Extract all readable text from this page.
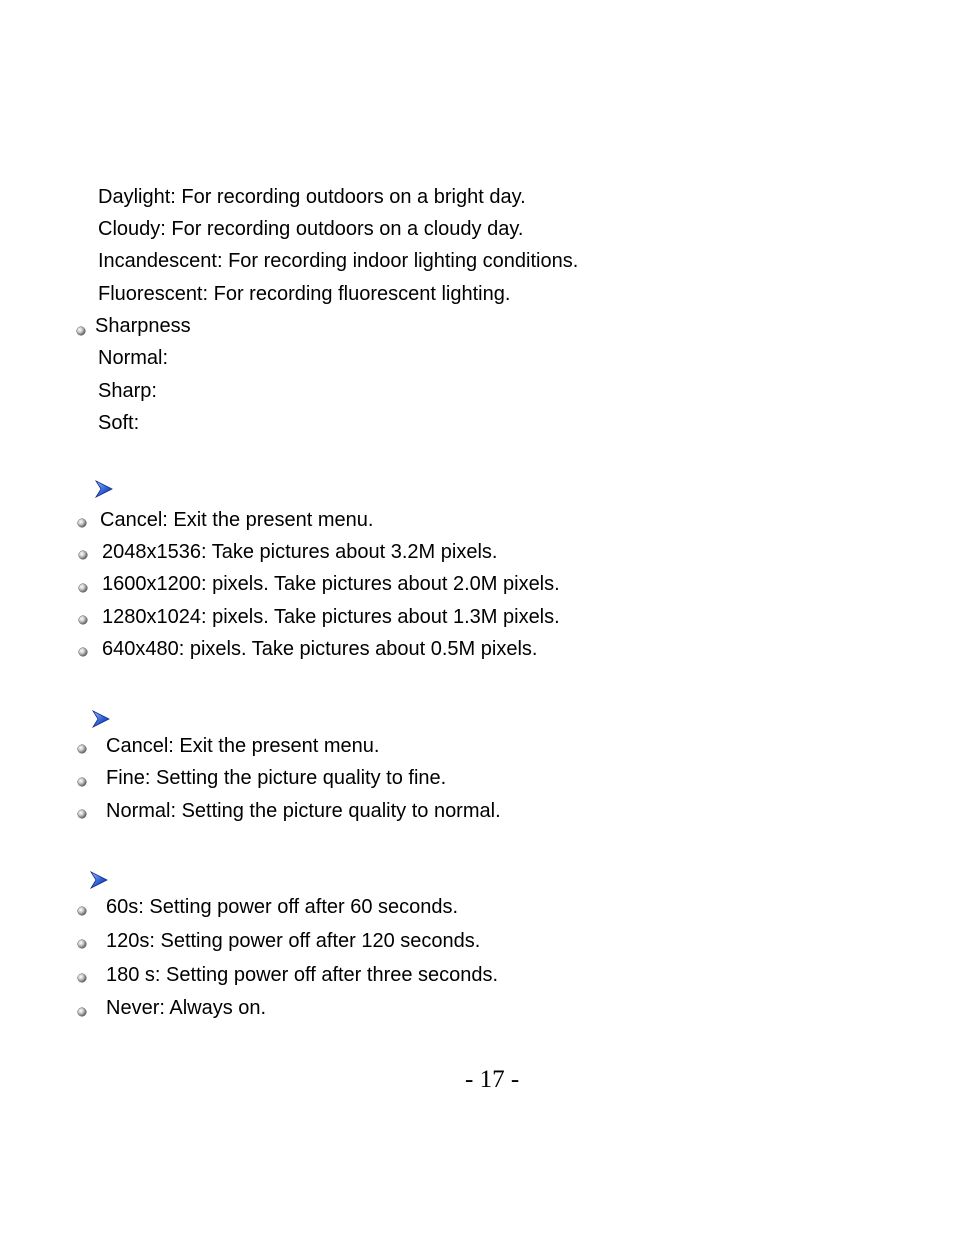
Daylight: For recording outdoors on a bright day.
Cloudy: For recording outdoors on a cloudy day.
Incandescent: For recording indoor lighting conditions.
Fluorescent: For recording fluorescent lighting.
Sharpness
Normal:
Sharp:
Soft:
Cancel: Exit the present menu.
2048x1536: Take pictures about 3.2M pixels.
1600x1200: pixels. Take pictures about 2.0M pixels.
1280x1024: pixels. Take pictures about 1.3M pixels.
640x480: pixels. Take pictures about 0.5M pixels.
Cancel: Exit the present menu.
Fine: Setting the picture quality to fine.
Normal: Setting the picture quality to normal.
60s: Setting power off after 60 seconds.
120s: Setting power off after 120 seconds.
180 s: Setting power off after three seconds.
Never: Always on.
- 17 -
